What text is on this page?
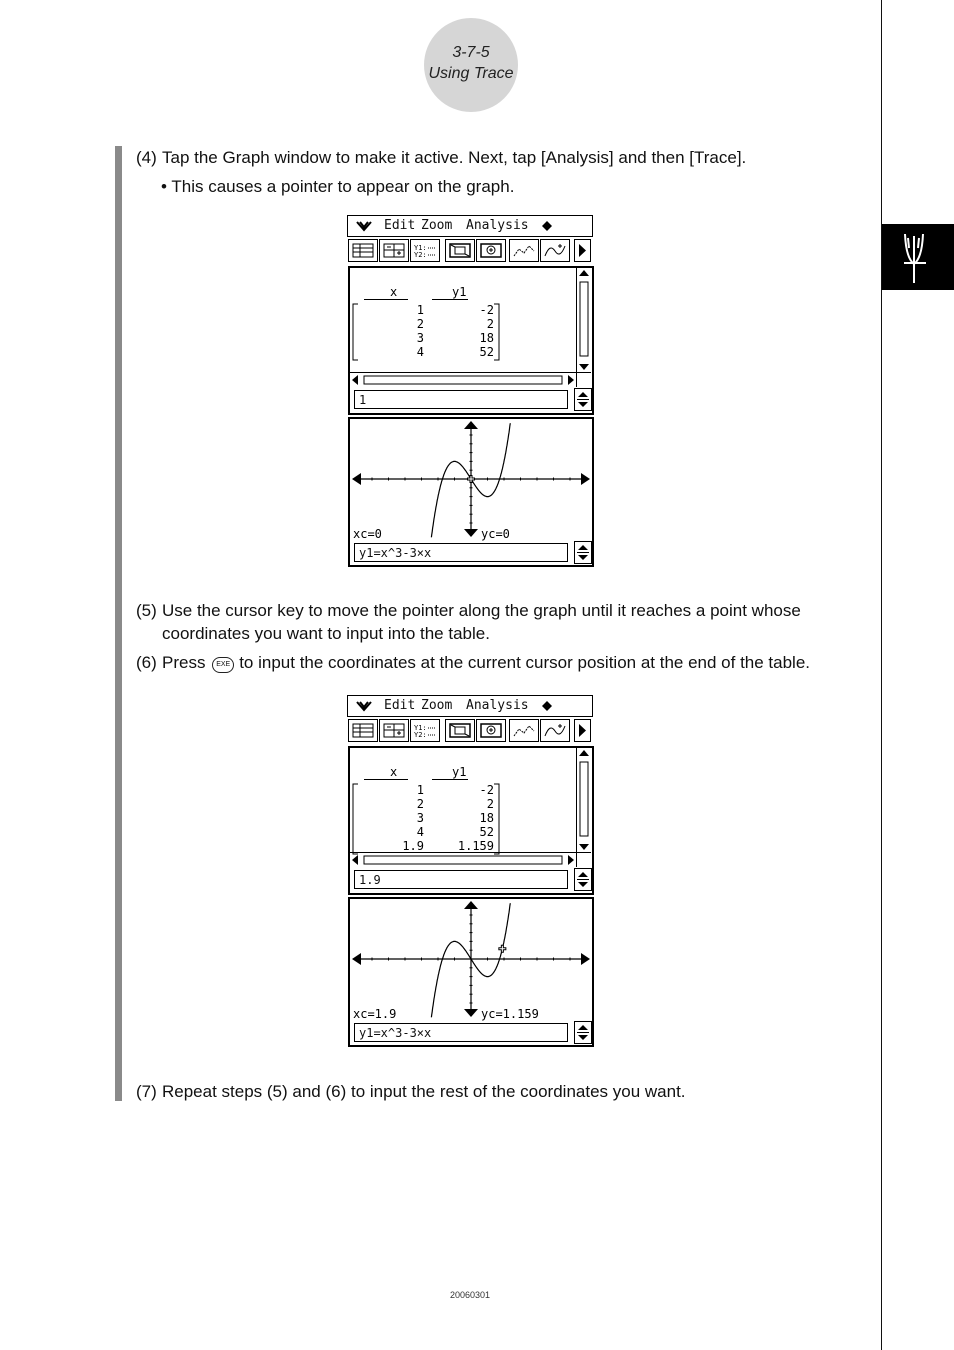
3-7-5
Using Trace
(4) Tap the Graph window to make it active. Next, tap [Analysis] and then [Trace].
• This causes a pointer to appear on the graph.
Edit Zoom Analysis
Y1:
Y2:
x	y1
1	-2
2	2
3	18
4	52
1
xc=0	yc=0
y1=x^3-3×x
(5) Use the cursor key to move the pointer along the graph until it reaches a point whose
coordinates you want to input into the table.
(6) Press EXE to input the coordinates at the current cursor position at the end of the table.
Edit Zoom Analysis
Y1:
Y2:
x	y1
1	-2
2	2
3	18
4	52
1.9	1.159
1.9
xc=1.9	yc=1.159
y1=x^3-3×x
(7) Repeat steps (5) and (6) to input the rest of the coordinates you want.
20060301
